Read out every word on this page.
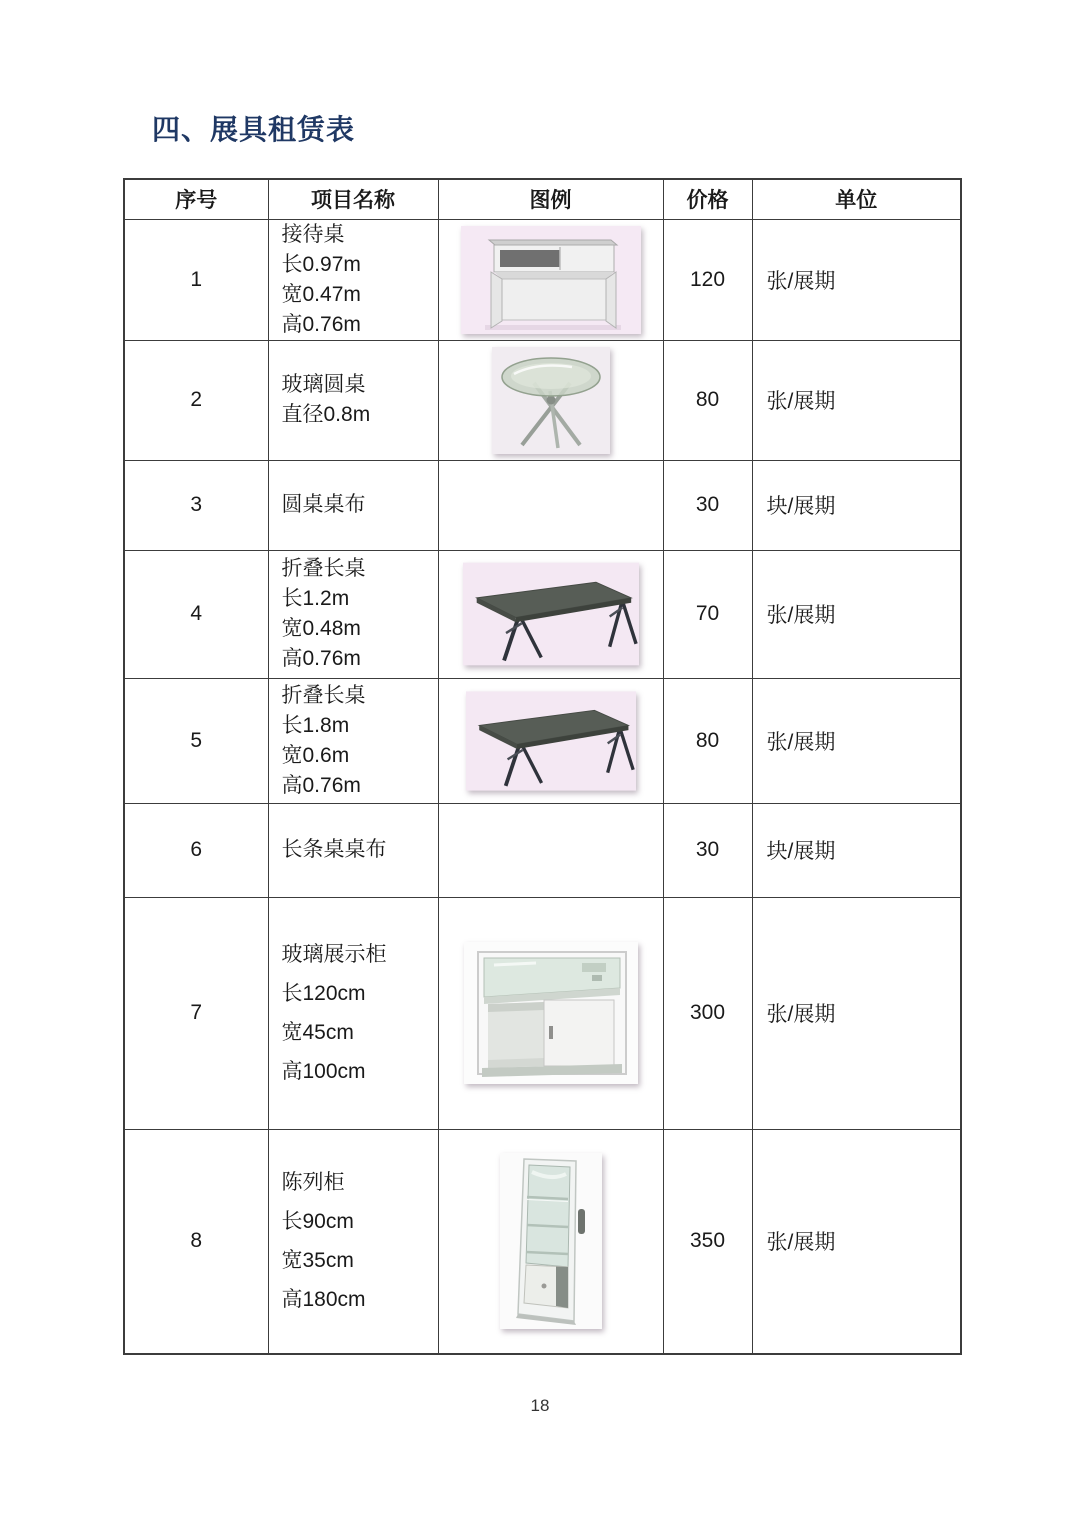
四、展具租赁表
序号	项目名称	图例	价格	单位
1	接待桌
长0.97m
宽0.47m
高0.76m		120	张/展期
2	玻璃圆桌
直径0.8m		80	张/展期
3	圆桌桌布		30	块/展期
4	折叠长桌
长1.2m
宽0.48m
高0.76m		70	张/展期
5	折叠长桌
长1.8m
宽0.6m
高0.76m		80	张/展期
6	长条桌桌布		30	块/展期
7	玻璃展示柜
长120cm
宽45cm
高100cm		300	张/展期
8	陈列柜
长90cm
宽35cm
高180cm		350	张/展期
18
